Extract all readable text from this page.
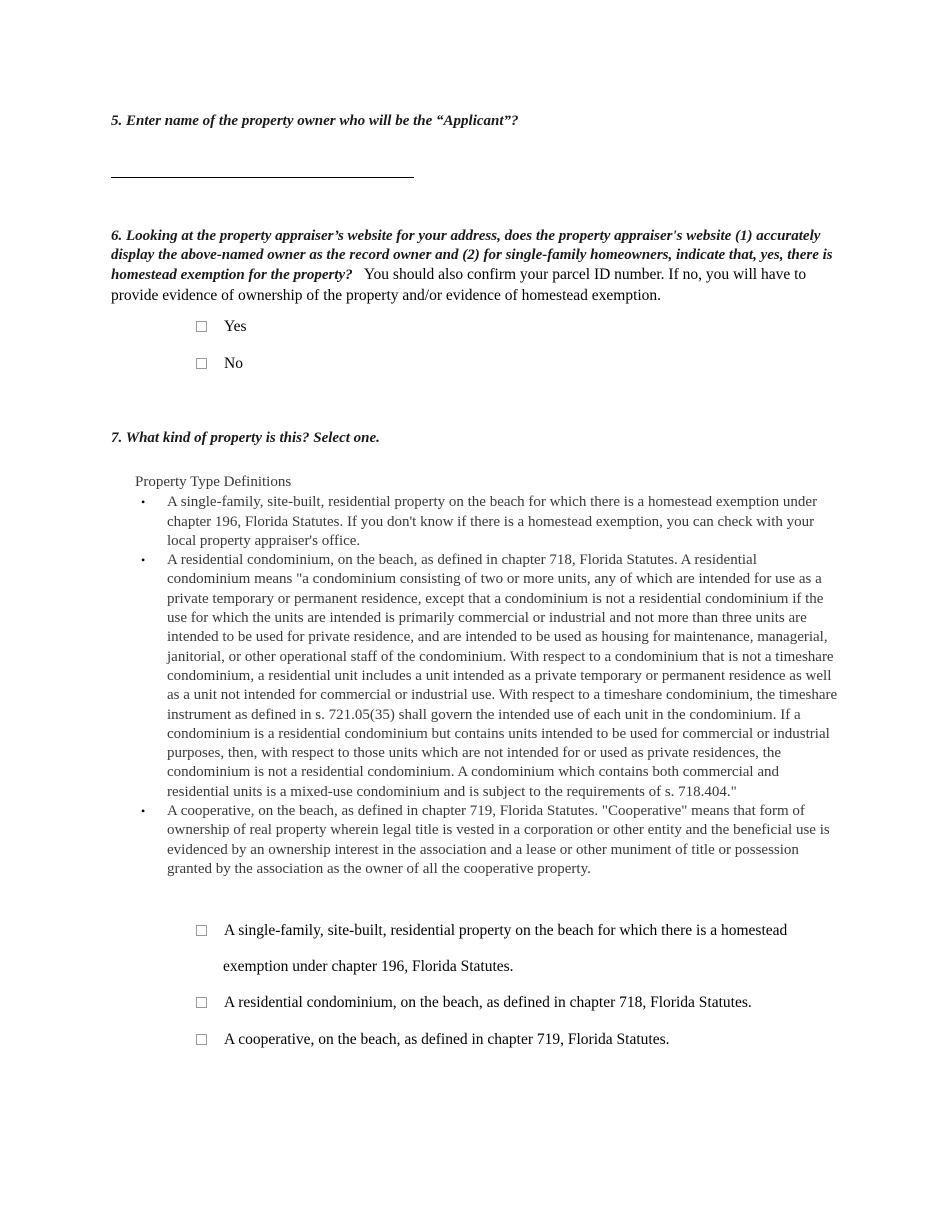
5. Enter name of the property owner who will be the “Applicant”?
6. Looking at the property appraiser’s website for your address, does the property appraiser's website (1) accurately display the above-named owner as the record owner and (2) for single-family homeowners, indicate that, yes, there is homestead exemption for the property? You should also confirm your parcel ID number. If no, you will have to provide evidence of ownership of the property and/or evidence of homestead exemption.
Yes
No
7. What kind of property is this? Select one.
Property Type Definitions
• A single-family, site-built, residential property on the beach for which there is a homestead exemption under chapter 196, Florida Statutes. If you don't know if there is a homestead exemption, you can check with your local property appraiser's office.
• A residential condominium, on the beach, as defined in chapter 718, Florida Statutes. A residential condominium means "a condominium consisting of two or more units, any of which are intended for use as a private temporary or permanent residence, except that a condominium is not a residential condominium if the use for which the units are intended is primarily commercial or industrial and not more than three units are intended to be used for private residence, and are intended to be used as housing for maintenance, managerial, janitorial, or other operational staff of the condominium. With respect to a condominium that is not a timeshare condominium, a residential unit includes a unit intended as a private temporary or permanent residence as well as a unit not intended for commercial or industrial use. With respect to a timeshare condominium, the timeshare instrument as defined in s. 721.05(35) shall govern the intended use of each unit in the condominium. If a condominium is a residential condominium but contains units intended to be used for commercial or industrial purposes, then, with respect to those units which are not intended for or used as private residences, the condominium is not a residential condominium. A condominium which contains both commercial and residential units is a mixed-use condominium and is subject to the requirements of s. 718.404."
• A cooperative, on the beach, as defined in chapter 719, Florida Statutes. "Cooperative" means that form of ownership of real property wherein legal title is vested in a corporation or other entity and the beneficial use is evidenced by an ownership interest in the association and a lease or other muniment of title or possession granted by the association as the owner of all the cooperative property.
A single-family, site-built, residential property on the beach for which there is a homestead
exemption under chapter 196, Florida Statutes.
A residential condominium, on the beach, as defined in chapter 718, Florida Statutes.
A cooperative, on the beach, as defined in chapter 719, Florida Statutes.
